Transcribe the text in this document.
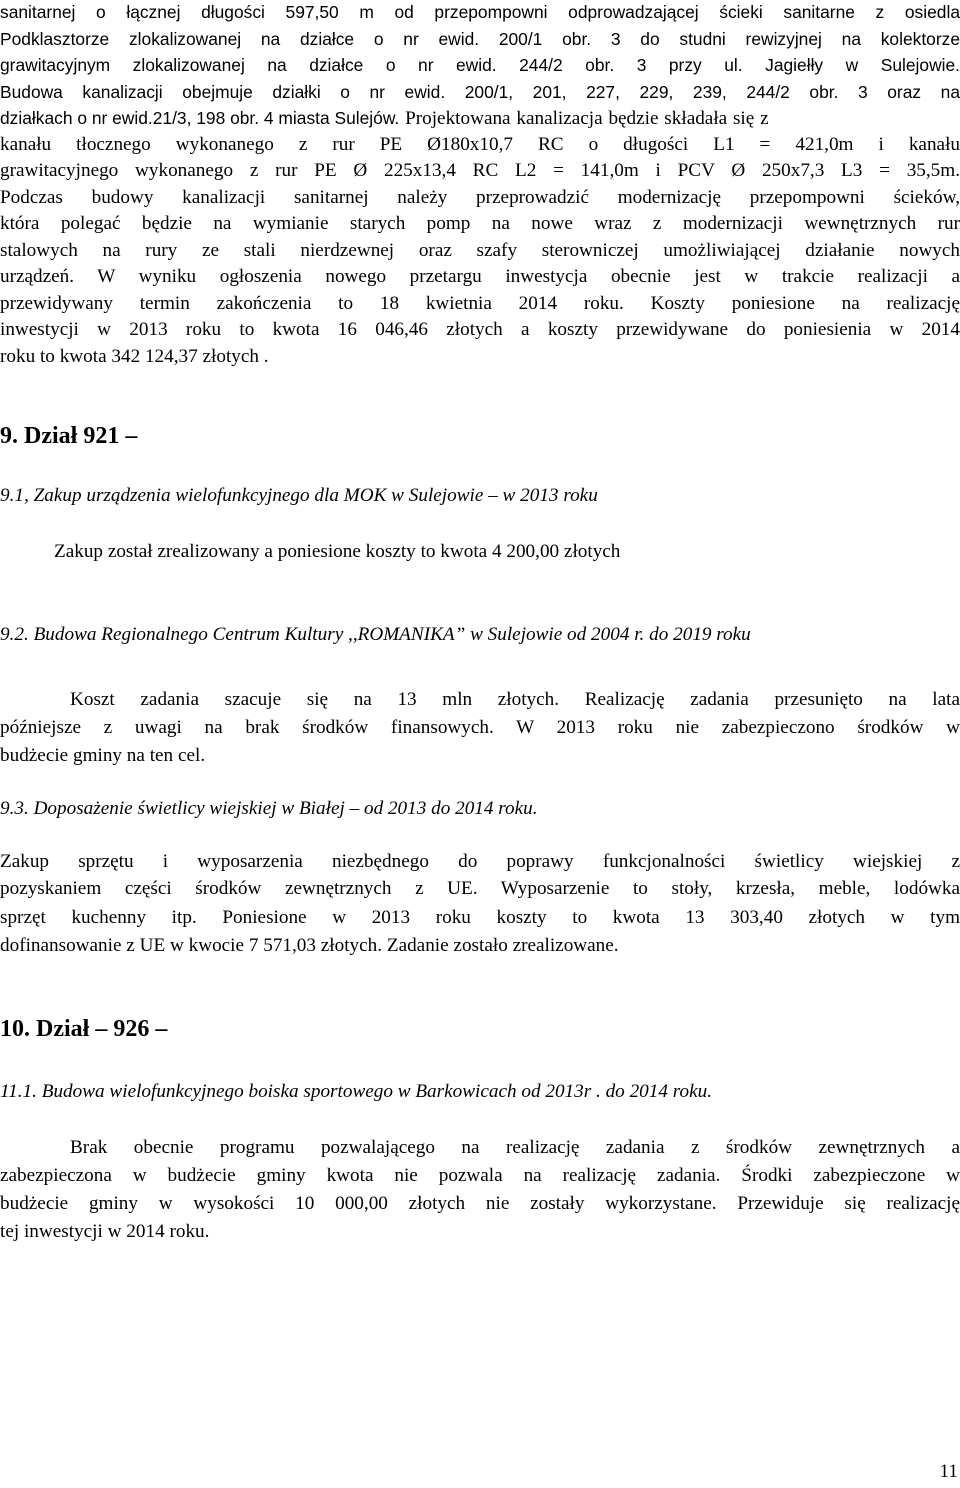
sanitarnej o łącznej długości 597,50 m od przepompowni odprowadzającej ścieki sanitarne z osiedla

Podklasztorze zlokalizowanej na działce o nr ewid. 200/1 obr. 3 do studni rewizyjnej na kolektorze

grawitacyjnym zlokalizowanej na działce o nr ewid. 244/2 obr. 3 przy ul. Jagiełły w Sulejowie.

Budowa kanalizacji obejmuje działki o nr ewid. 200/1, 201, 227, 229, 239, 244/2 obr. 3 oraz na

działkach o nr ewid.21/3, 198 obr. 4 miasta Sulejów. Projektowana kanalizacja będzie składała się z

kanału tłocznego wykonanego z rur PE Ø180x10,7 RC o długości L1 = 421,0m i kanału

grawitacyjnego wykonanego z rur PE Ø 225x13,4 RC L2 = 141,0m i PCV Ø 250x7,3 L3 = 35,5m.

Podczas budowy kanalizacji sanitarnej należy przeprowadzić modernizację przepompowni ścieków,

która polegać będzie na wymianie starych pomp na nowe wraz z modernizacji wewnętrznych rur

stalowych na rury ze stali nierdzewnej oraz szafy sterowniczej umożliwiającej działanie nowych

urządzeń. W wyniku ogłoszenia nowego przetargu inwestycja obecnie jest w trakcie realizacji a

przewidywany termin zakończenia to 18 kwietnia 2014 roku. Koszty poniesione na realizację

inwestycji w 2013 roku to kwota 16 046,46 złotych a koszty przewidywane do poniesienia w 2014

roku to kwota 342 124,37 złotych .

9. Dział 921 –

9.1, Zakup urządzenia wielofunkcyjnego dla MOK w Sulejowie – w 2013 roku

Zakup został zrealizowany a poniesione koszty to kwota 4 200,00 złotych

9.2. Budowa Regionalnego Centrum Kultury ,,ROMANIKA” w Sulejowie od 2004 r. do 2019 roku

Koszt zadania szacuje się na 13 mln złotych. Realizację zadania przesunięto na lata

późniejsze z uwagi na brak środków finansowych. W 2013 roku nie zabezpieczono środków w

budżecie gminy na ten cel.

9.3. Doposażenie świetlicy wiejskiej w Białej – od 2013 do 2014 roku.

Zakup sprzętu i wyposarzenia niezbędnego do poprawy funkcjonalności świetlicy wiejskiej z

pozyskaniem części środków zewnętrznych z UE. Wyposarzenie to stoły, krzesła, meble, lodówka

sprzęt kuchenny itp. Poniesione w 2013 roku koszty to kwota 13 303,40 złotych w tym

dofinansowanie z UE w kwocie 7 571,03 złotych. Zadanie zostało zrealizowane.

10. Dział – 926 –

11.1. Budowa wielofunkcyjnego boiska sportowego w Barkowicach od 2013r . do 2014 roku.

Brak obecnie programu pozwalającego na realizację zadania z środków zewnętrznych a

zabezpieczona w budżecie gminy kwota nie pozwala na realizację zadania. Środki zabezpieczone w

budżecie gminy w wysokości 10 000,00 złotych nie zostały wykorzystane. Przewiduje się realizację

tej inwestycji w 2014 roku.

11
